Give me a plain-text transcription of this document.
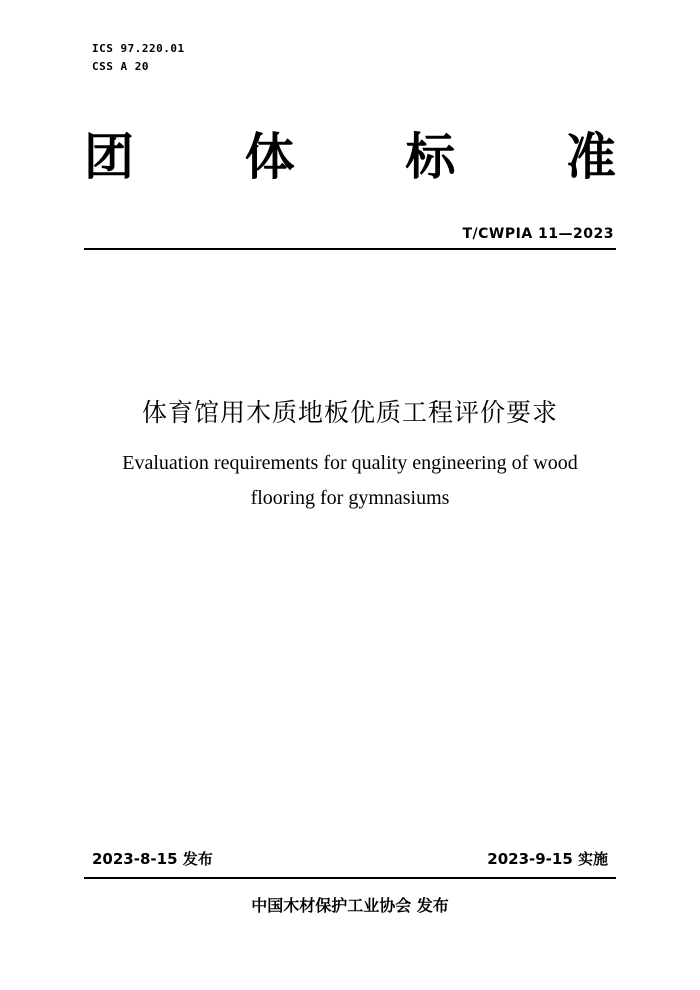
ICS 97.220.01
CSS A 20
团 体 标 准
T/CWPIA 11—2023
体育馆用木质地板优质工程评价要求
Evaluation requirements for quality engineering of wood
flooring for gymnasiums
2023-8-15 发布	2023-9-15 实施
中国木材保护工业协会 发布
